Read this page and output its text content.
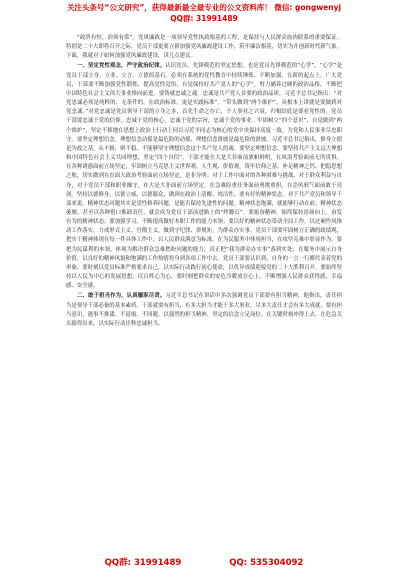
关注头条号“公文研究”，获得最新最全最专业的公文资料库！ 微信: gongwenyj
QQ群: 31991489

“政贵有恒，治须有常”。党风廉政是一项领导党性执政根基的工程，是保持与人民群众血肉联系的重要保证。特别是二十大即将召开之际，党员干部更要立新加强党风廉政建设工作，筑牢廉洁根基，切实为开创新时代新气象。下面，我就对于如何加强党风廉政建设，讲几点建议。

一、坚定党性观念，严守政治纪律。认识党员、先锋模范的坚定思想，也是党员先锋模范的“心学”，“心学”是党员干部立身、立业、立言，立德的基石。必须在系统的党性教育中持续锤炼、不断加强。在新的起点上，广大党员、干部要不断加强党性锻炼，提高党性觉悟，自觉保持好共产党人的“心学”，努力涵养过硬的政治品格，不断把中国特色社会主义伟大事业推向前进。要铸就忠诚之魂。忠诚是共产党人首要的政治品质。习近平总书记指出：“对党忠诚必须是纯粹的、无条件的，在政治标准，更是实践标准”。“带头做到“两个维护”，从根本上讲就是要做到对党忠诚。”对党忠诚是党员领导干部的立身之本，首先生命之存亡，个人事业之兴衰，归根结底是要看党性的。党员干部要忠诚于党的信仰，忠诚于党的核心，忠诚于党的宗旨，忠诚于党的事业。牢固树立“四个意识”，自觉做到“两个维护”，坚定不移地在思想上政治上行动上同以习近平同志为核心的党中央保持高度一致。为党和人民事业尽忠职守。要坚定理想信念。理想信念动摇是最危险的动摇，理想信念滑坡是最危险的滑坡。习近平总书记指出，修身立德是为政之基，从不修，则不稳，不能够坚守理想信念这个共产党人的魂。要坚定理想信念，要坚持共产主义远大理想和中国特色社会主义共同理想，坚定“四个自信”。干部才能在大是大非面前旗帜鲜明，在风浪考验面前无所畏惧，在各种诱惑面前立场坚定，牢固树立马克思主义世界观、人生观、价值观，筑牢信仰之基、补足精神之钙、把稳思想之舵，切实做到在直面大政治考验面前立场坚定，是非分明；对于工作中面对的各种困难与挑战，对于群众利益与自身，对于党员干部和职业操守，在大是大非面前立场坚定，在急难险重任务面前勇挑重担，在歪风邪气面前敢于亮剑。坚持以德修身，以德立威，以德服众，做到在政治上清醒、纯洁性。要有好的精神状态。对于共产党员和领导干部来说，精神状态问题其实是党性修养问题，是能否保持先进性的问题。精神状态饱满，就能够行动在前；精神状态萎靡，甚至以各种借口推卸责任，就会成为党员干部前进路上的“绊脚石”。要振奋精神，始终保持昂扬向上、奋发有为的精神状态；要加强学习，不断提高做好本职工作的能力本领；要以好的精神状态带动全局工作，以过硬作风推动工作落实，力戒形式主义、官僚主义，做到守纪律、讲规矩，为群众办实事。党员干部要牢固树立正确的政绩观，把实干精神体现在每一件具体工作中；以人民群众满意为标准，在为民服务中体现担当，在攻坚克难中彰显作为。要把为民谋利的本领，体现为解决群众急难愁盼问题的能力，真正把“我为群众办实事”落到实处；在服务中展示自身价值，以良好的精神风貌和饱满的工作热情投身到各项工作中去。党员干部要认识到，自身的一言一行都代表着党的形象，要时刻以党员标准严格要求自己。以实际行动践行初心使命，以优异成绩迎接党的二十大胜利召开。要始终坚持以人民为中心的发展思想，以百姓心为心，要时刻把群众的安危冷暖放在心上，不断增强人民群众获得感、幸福感、安全感。

二、敢于担当作为，认真履职尽责。习近平总书记在讲话中多次强调党员干部要有担当精神，他指出，责任担当是领导干部必备的基本素质。干部就要有担当，有多大担当才能干多大事业，尽多大责任才会有多大成就。要有担当意识，遇事不推诿、不退缩、不回避，以强烈的担当精神、坚定的信念立足岗位、在关键时刻冲得上去、在危急关头豁得出来，以实际行动诠释忠诚担当。

QQ群: 31991489	QQ: 535304092
